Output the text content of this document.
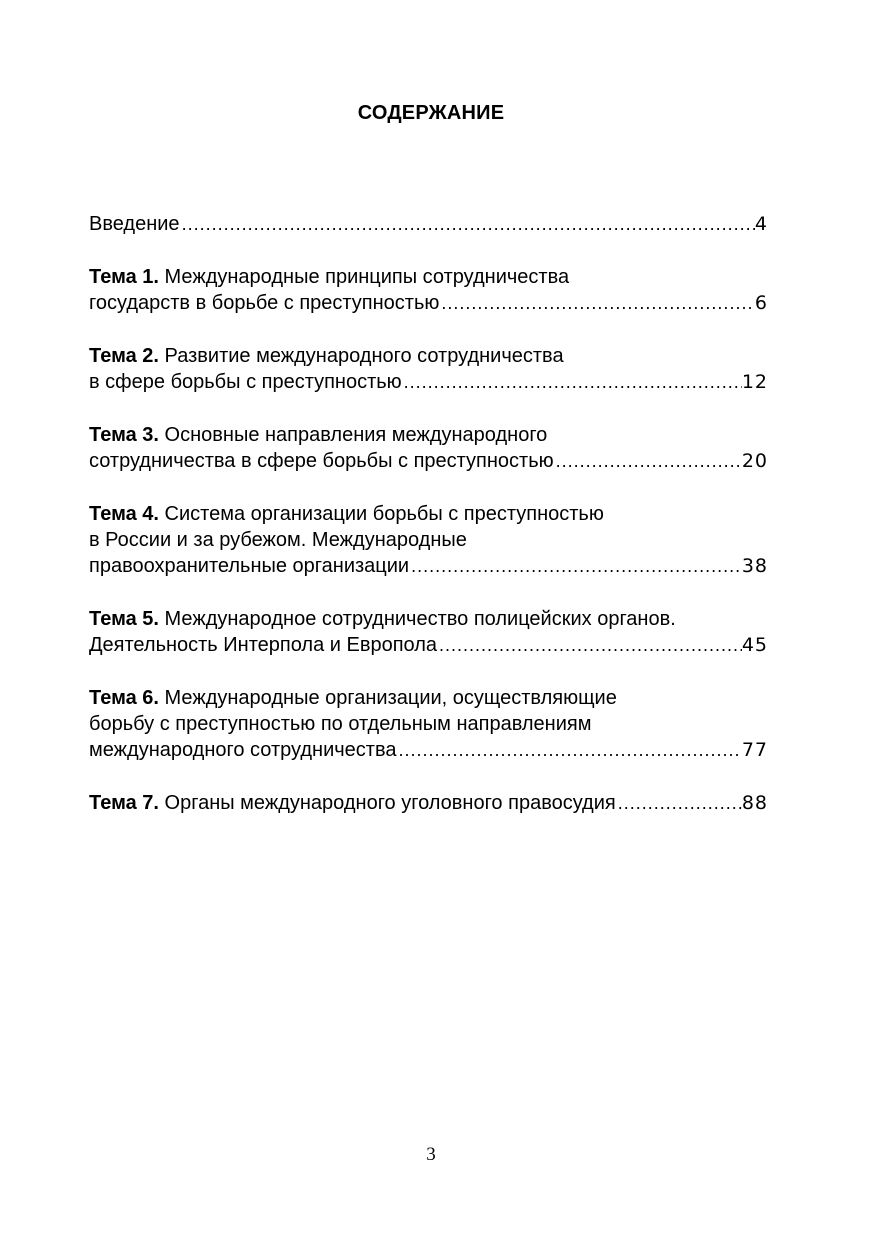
СОДЕРЖАНИЕ
Введение .....	4
Тема 1. Международные принципы сотрудничества
государств в борьбе с преступностью .....	6
Тема 2. Развитие международного сотрудничества
в сфере борьбы с преступностью .....	12
Тема 3. Основные направления международного
сотрудничества в сфере борьбы с преступностью .....	20
Тема 4. Система организации борьбы с преступностью
в России и за рубежом. Международные
правоохранительные организации .....	38
Тема 5. Международное сотрудничество полицейских органов.
Деятельность Интерпола и Европола .....	45
Тема 6. Международные организации, осуществляющие
борьбу с преступностью по отдельным направлениям
международного сотрудничества .....	77
Тема 7. Органы международного уголовного правосудия .....	88
3
